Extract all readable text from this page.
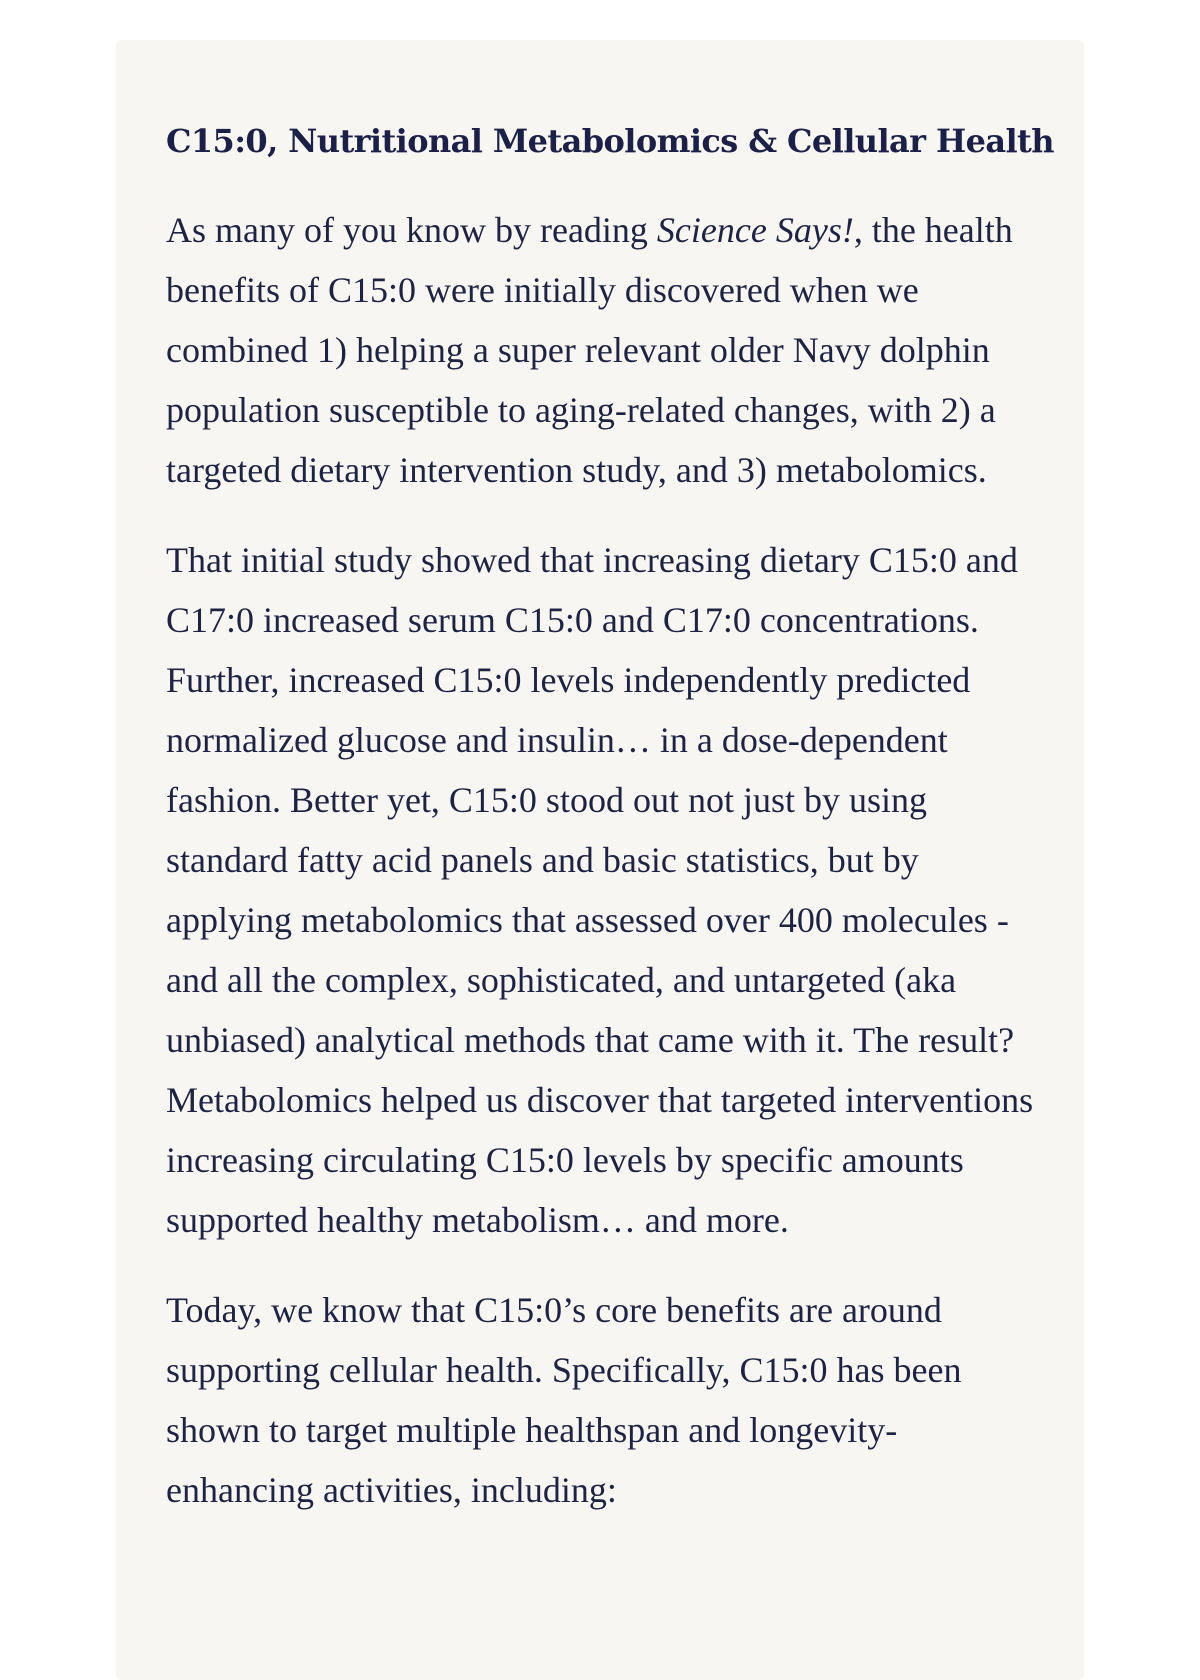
C15:0, Nutritional Metabolomics & Cellular Health

As many of you know by reading Science Says!, the health benefits of C15:0 were initially discovered when we combined 1) helping a super relevant older Navy dolphin population susceptible to aging-related changes, with 2) a targeted dietary intervention study, and 3) metabolomics.

That initial study showed that increasing dietary C15:0 and C17:0 increased serum C15:0 and C17:0 concentrations. Further, increased C15:0 levels independently predicted normalized glucose and insulin… in a dose-dependent fashion. Better yet, C15:0 stood out not just by using standard fatty acid panels and basic statistics, but by applying metabolomics that assessed over 400 molecules - and all the complex, sophisticated, and untargeted (aka unbiased) analytical methods that came with it. The result? Metabolomics helped us discover that targeted interventions increasing circulating C15:0 levels by specific amounts supported healthy metabolism… and more.

Today, we know that C15:0’s core benefits are around supporting cellular health. Specifically, C15:0 has been shown to target multiple healthspan and longevity-enhancing activities, including:
